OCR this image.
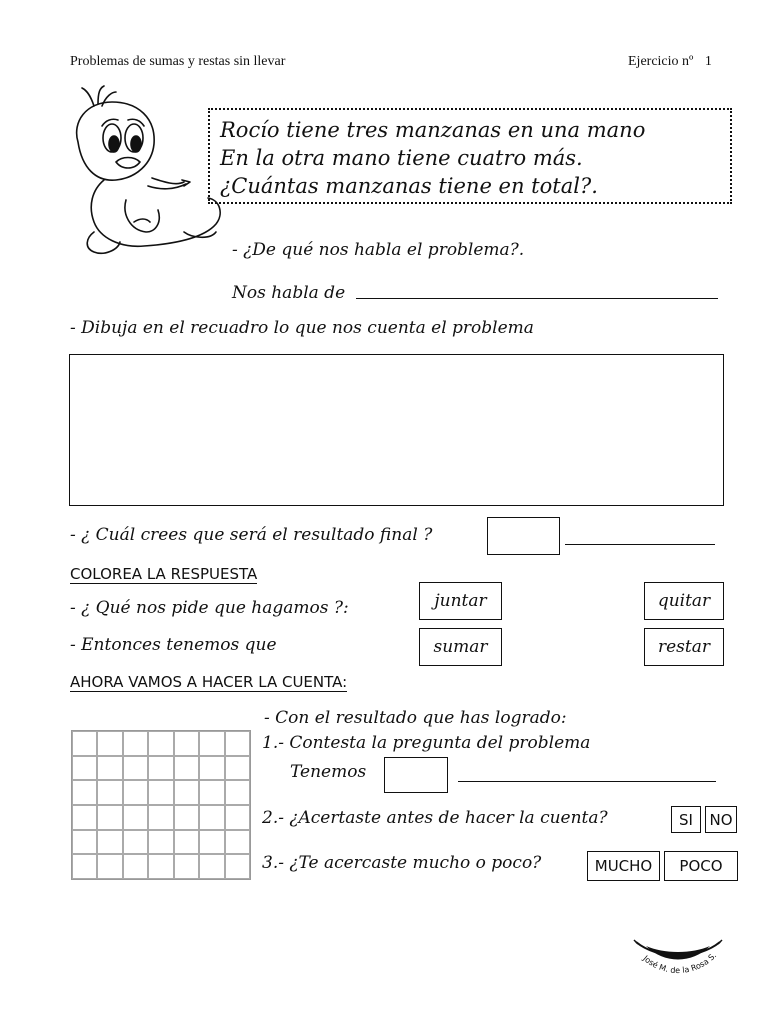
Problemas de sumas y restas sin llevar	Ejercicio nº 1
Rocío tiene tres manzanas en una mano
En la otra mano tiene cuatro más.
¿Cuántas manzanas tiene en total?.
- ¿De qué nos habla el problema?.
Nos habla de
- Dibuja en el recuadro lo que nos cuenta el problema
- ¿ Cuál crees que será el resultado final ?
COLOREA LA RESPUESTA
- ¿ Qué nos pide que hagamos ?:	juntar	quitar
- Entonces tenemos que	sumar	restar
AHORA VAMOS A HACER LA CUENTA:
- Con el resultado que has logrado:
1.- Contesta la pregunta del problema
Tenemos
2.- ¿Acertaste antes de hacer la cuenta?	SI NO
3.- ¿Te acercaste mucho o poco?	MUCHO POCO
José M. de la Rosa S.
